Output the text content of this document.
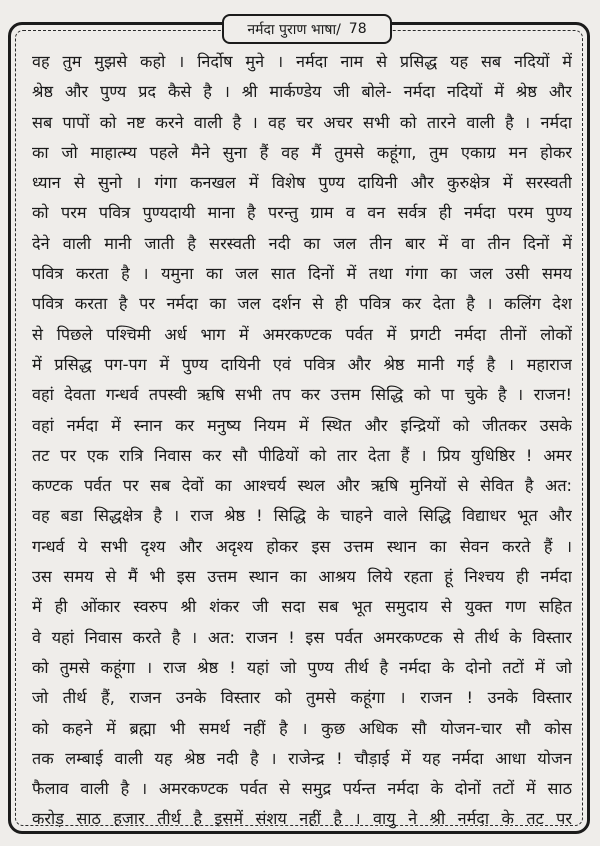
नर्मदा पुराण भाषा/ 78
वह तुम मुझसे कहो । निर्दोष मुने । नर्मदा नाम से प्रसिद्ध यह सब नदियों में
श्रेष्ठ और पुण्य प्रद कैसे है । श्री मार्कण्डेय जी बोले- नर्मदा नदियों में श्रेष्ठ और
सब पापों को नष्ट करने वाली है । वह चर अचर सभी को तारने वाली है । नर्मदा
का जो माहात्म्य पहले मैने सुना हैं वह मैं तुमसे कहूंगा, तुम एकाग्र मन होकर
ध्यान से सुनो । गंगा कनखल में विशेष पुण्य दायिनी और कुरुक्षेत्र में सरस्वती
को परम पवित्र पुण्यदायी माना है परन्तु ग्राम व वन सर्वत्र ही नर्मदा परम पुण्य
देने वाली मानी जाती है सरस्वती नदी का जल तीन बार में वा तीन दिनों में
पवित्र करता है । यमुना का जल सात दिनों में तथा गंगा का जल उसी समय
पवित्र करता है पर नर्मदा का जल दर्शन से ही पवित्र कर देता है । कलिंग देश
से पिछले पश्चिमी अर्ध भाग में अमरकण्टक पर्वत में प्रगटी नर्मदा तीनों लोकों
में प्रसिद्ध पग-पग में पुण्य दायिनी एवं पवित्र और श्रेष्ठ मानी गई है । महाराज
वहां देवता गन्धर्व तपस्वी ऋषि सभी तप कर उत्तम सिद्धि को पा चुके है । राजन!
वहां नर्मदा में स्नान कर मनुष्य नियम में स्थित और इन्द्रियों को जीतकर उसके
तट पर एक रात्रि निवास कर सौ पीढियों को तार देता हैं । प्रिय युधिष्ठिर ! अमर
कण्टक पर्वत पर सब देवों का आश्चर्य स्थल और ऋषि मुनियों से सेवित है अत:
वह बडा सिद्धक्षेत्र है । राज श्रेष्ठ ! सिद्धि के चाहने वाले सिद्धि विद्याधर भूत और
गन्धर्व ये सभी दृश्य और अदृश्य होकर इस उत्तम स्थान का सेवन करते हैं ।
उस समय से मैं भी इस उत्तम स्थान का आश्रय लिये रहता हूं निश्चय ही नर्मदा
में ही ओंकार स्वरुप श्री शंकर जी सदा सब भूत समुदाय से युक्त गण सहित
वे यहां निवास करते है । अत: राजन ! इस पर्वत अमरकण्टक से तीर्थ के विस्तार
को तुमसे कहूंगा । राज श्रेष्ठ ! यहां जो पुण्य तीर्थ है नर्मदा के दोनो तटों में जो
जो तीर्थ हैं, राजन उनके विस्तार को तुमसे कहूंगा । राजन ! उनके विस्तार
को कहने में ब्रह्मा भी समर्थ नहीं है । कुछ अधिक सौ योजन-चार सौ कोस
तक लम्बाई वाली यह श्रेष्ठ नदी है । राजेन्द्र ! चौड़ाई में यह नर्मदा आधा योजन
फैलाव वाली है । अमरकण्टक पर्वत से समुद्र पर्यन्त नर्मदा के दोनों तटों में साठ
करोड़ साठ हजार तीर्थ है इसमें संशय नहीं है । वायु ने श्री नर्मदा के तट पर
